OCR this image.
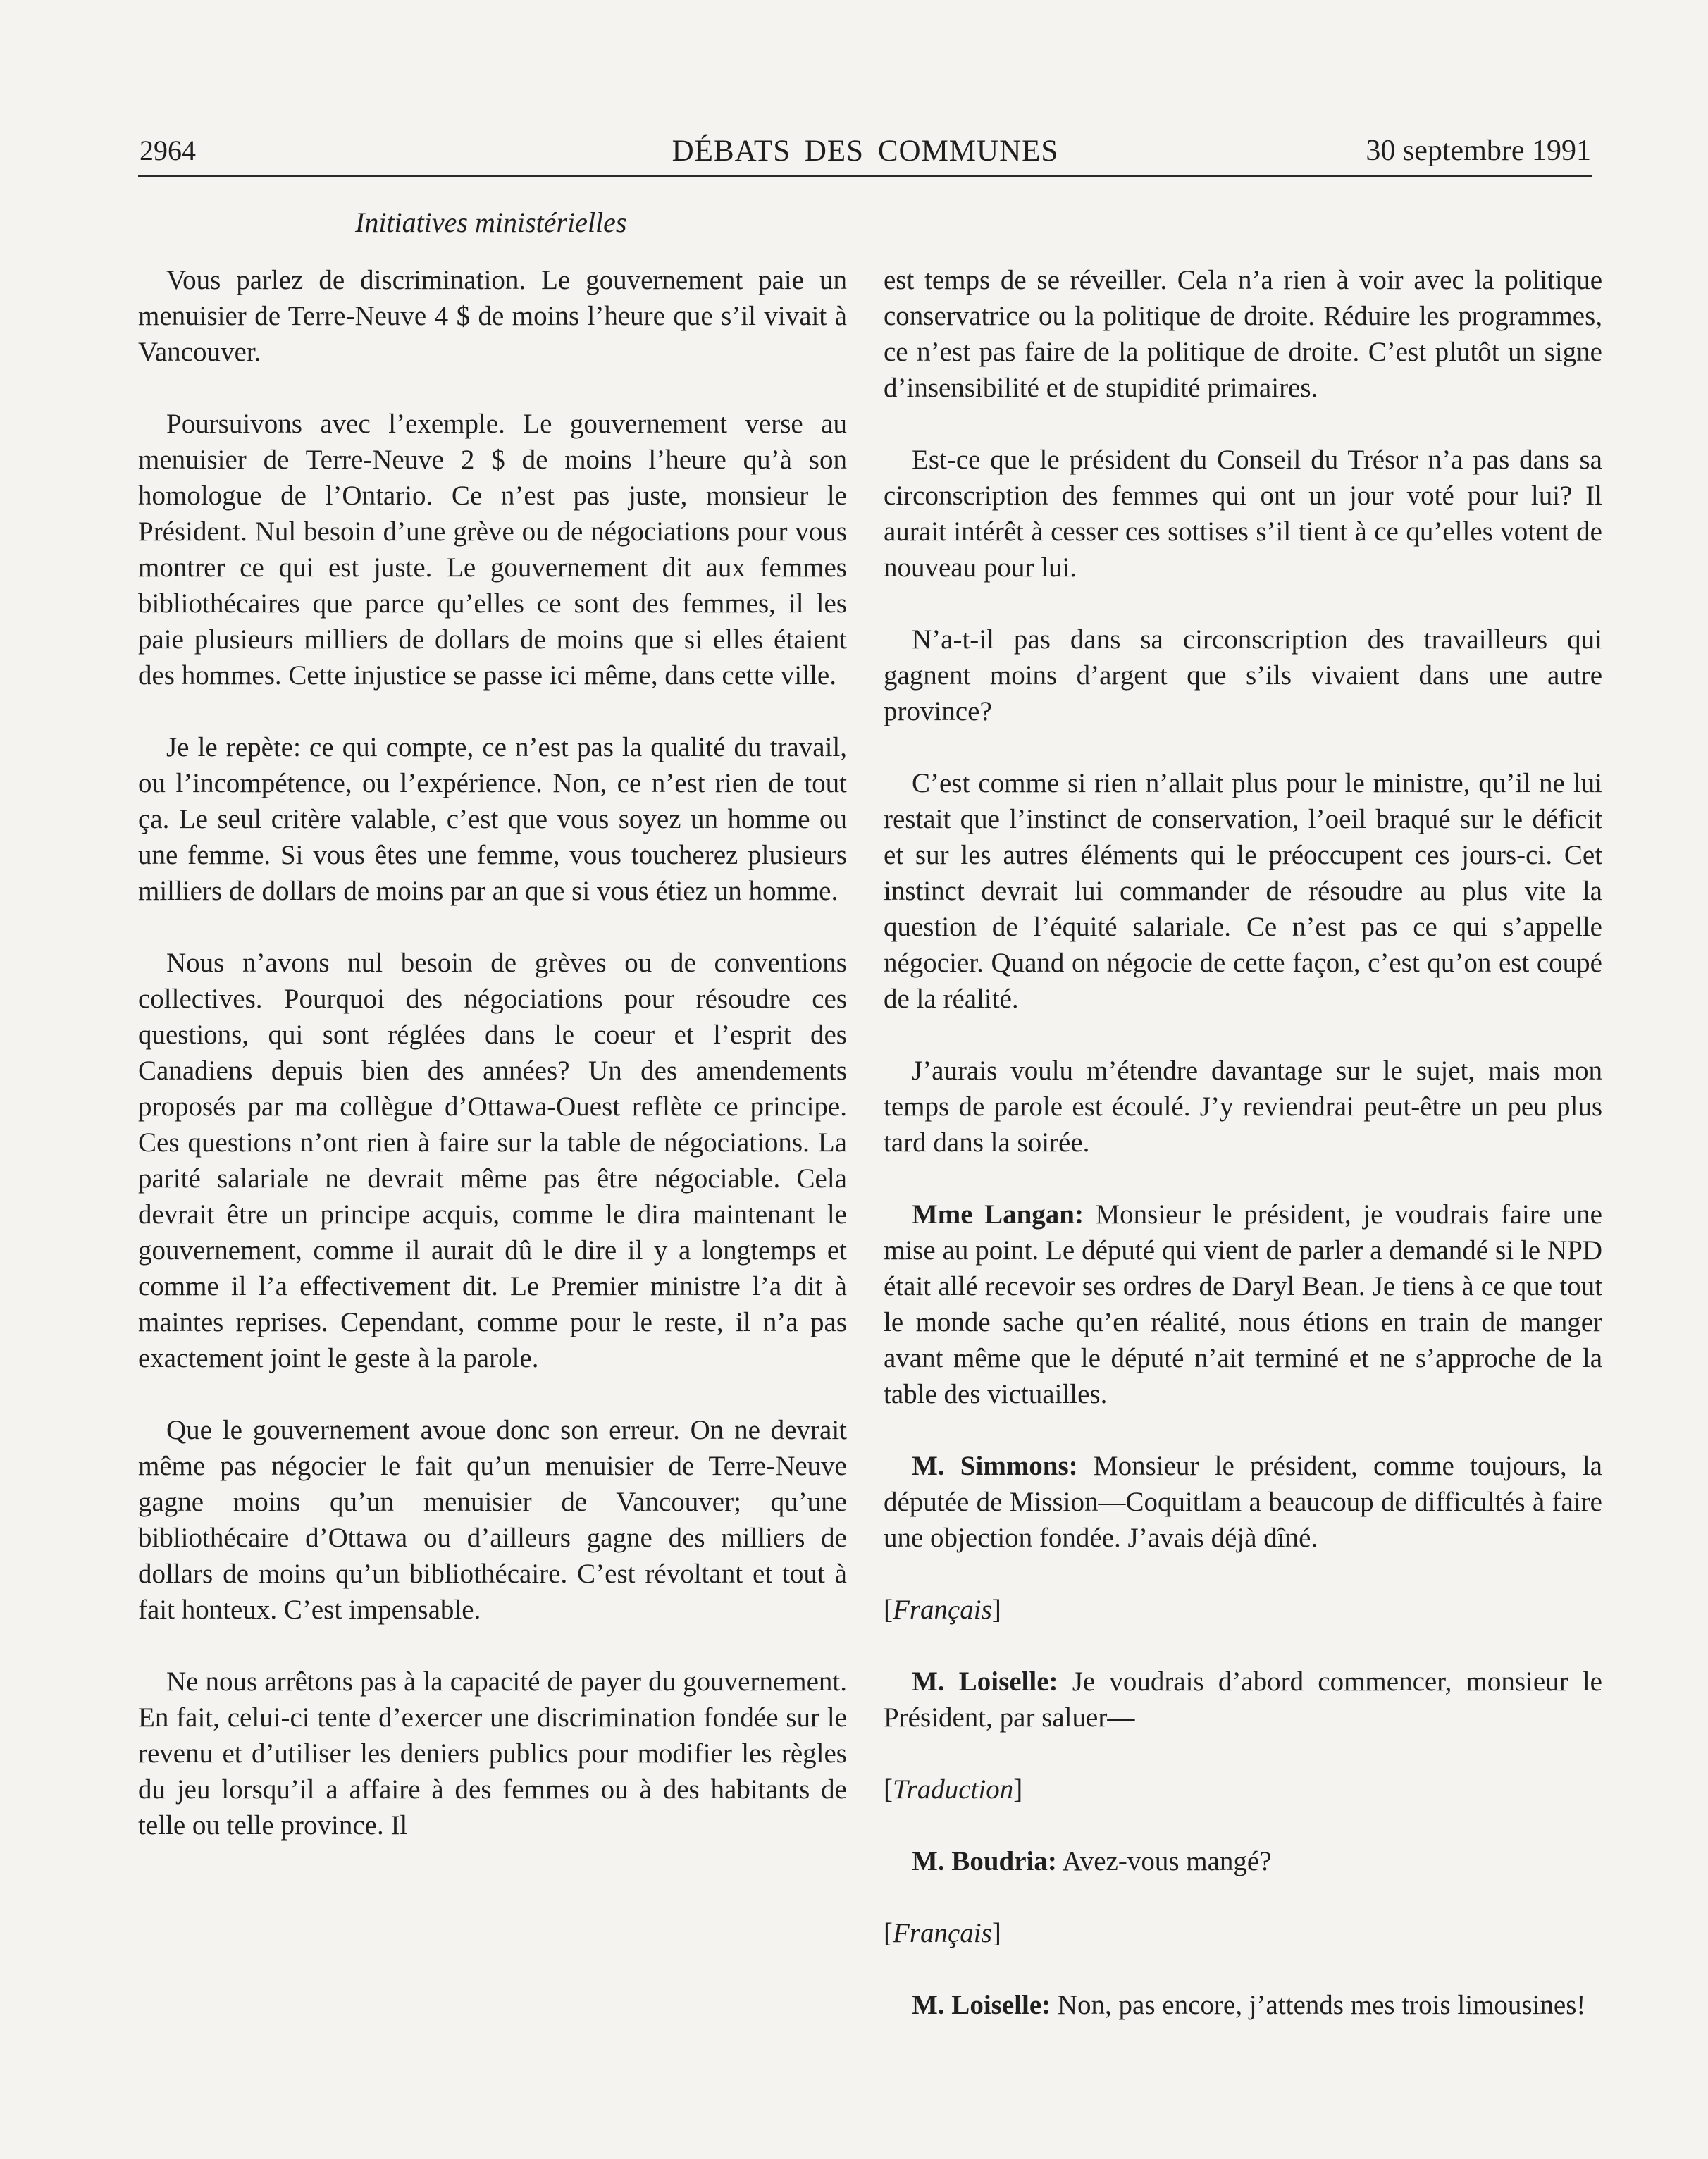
2964	DÉBATS DES COMMUNES	30 septembre 1991
Initiatives ministérielles

Vous parlez de discrimination. Le gouvernement paie un menuisier de Terre-Neuve 4 $ de moins l’heure que s’il vivait à Vancouver.

Poursuivons avec l’exemple. Le gouvernement verse au menuisier de Terre-Neuve 2 $ de moins l’heure qu’à son homologue de l’Ontario. Ce n’est pas juste, monsieur le Président. Nul besoin d’une grève ou de négociations pour vous montrer ce qui est juste. Le gouvernement dit aux femmes bibliothécaires que parce qu’elles ce sont des femmes, il les paie plusieurs milliers de dollars de moins que si elles étaient des hommes. Cette injustice se passe ici même, dans cette ville.

Je le repète: ce qui compte, ce n’est pas la qualité du travail, ou l’incompétence, ou l’expérience. Non, ce n’est rien de tout ça. Le seul critère valable, c’est que vous soyez un homme ou une femme. Si vous êtes une femme, vous toucherez plusieurs milliers de dollars de moins par an que si vous étiez un homme.

Nous n’avons nul besoin de grèves ou de conventions collectives. Pourquoi des négociations pour résoudre ces questions, qui sont réglées dans le coeur et l’esprit des Canadiens depuis bien des années? Un des amendements proposés par ma collègue d’Ottawa-Ouest reflète ce principe. Ces questions n’ont rien à faire sur la table de négociations. La parité salariale ne devrait même pas être négociable. Cela devrait être un principe acquis, comme le dira maintenant le gouvernement, comme il aurait dû le dire il y a longtemps et comme il l’a effectivement dit. Le Premier ministre l’a dit à maintes reprises. Cependant, comme pour le reste, il n’a pas exactement joint le geste à la parole.

Que le gouvernement avoue donc son erreur. On ne devrait même pas négocier le fait qu’un menuisier de Terre-Neuve gagne moins qu’un menuisier de Vancouver; qu’une bibliothécaire d’Ottawa ou d’ailleurs gagne des milliers de dollars de moins qu’un bibliothécaire. C’est révoltant et tout à fait honteux. C’est impensable.

Ne nous arrêtons pas à la capacité de payer du gouvernement. En fait, celui-ci tente d’exercer une discrimination fondée sur le revenu et d’utiliser les deniers publics pour modifier les règles du jeu lorsqu’il a affaire à des femmes ou à des habitants de telle ou telle province. Il

est temps de se réveiller. Cela n’a rien à voir avec la politique conservatrice ou la politique de droite. Réduire les programmes, ce n’est pas faire de la politique de droite. C’est plutôt un signe d’insensibilité et de stupidité primaires.

Est-ce que le président du Conseil du Trésor n’a pas dans sa circonscription des femmes qui ont un jour voté pour lui? Il aurait intérêt à cesser ces sottises s’il tient à ce qu’elles votent de nouveau pour lui.

N’a-t-il pas dans sa circonscription des travailleurs qui gagnent moins d’argent que s’ils vivaient dans une autre province?

C’est comme si rien n’allait plus pour le ministre, qu’il ne lui restait que l’instinct de conservation, l’oeil braqué sur le déficit et sur les autres éléments qui le préoccupent ces jours-ci. Cet instinct devrait lui commander de résoudre au plus vite la question de l’équité salariale. Ce n’est pas ce qui s’appelle négocier. Quand on négocie de cette façon, c’est qu’on est coupé de la réalité.

J’aurais voulu m’étendre davantage sur le sujet, mais mon temps de parole est écoulé. J’y reviendrai peut-être un peu plus tard dans la soirée.

Mme Langan: Monsieur le président, je voudrais faire une mise au point. Le député qui vient de parler a demandé si le NPD était allé recevoir ses ordres de Daryl Bean. Je tiens à ce que tout le monde sache qu’en réalité, nous étions en train de manger avant même que le député n’ait terminé et ne s’approche de la table des victuailles.

M. Simmons: Monsieur le président, comme toujours, la députée de Mission—Coquitlam a beaucoup de difficultés à faire une objection fondée. J’avais déjà dîné.

[Français]

M. Loiselle: Je voudrais d’abord commencer, monsieur le Président, par saluer—

[Traduction]

M. Boudria: Avez-vous mangé?

[Français]

M. Loiselle: Non, pas encore, j’attends mes trois limousines!
